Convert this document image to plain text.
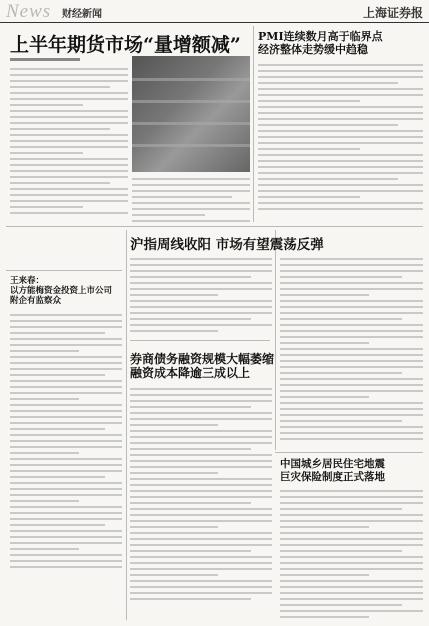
News 财经新闻	上海证券报
上半年期货市场“量增额减” PMI连续数月高于临界点
经济整体走势缓中趋稳
王来春：
以方能梅资金投资上市公司
附企有监察众
沪指周线收阳 市场有望震荡反弹
券商债务融资规模大幅萎缩
融资成本降逾三成以上
中国城乡居民住宅地震
巨灾保险制度正式落地
